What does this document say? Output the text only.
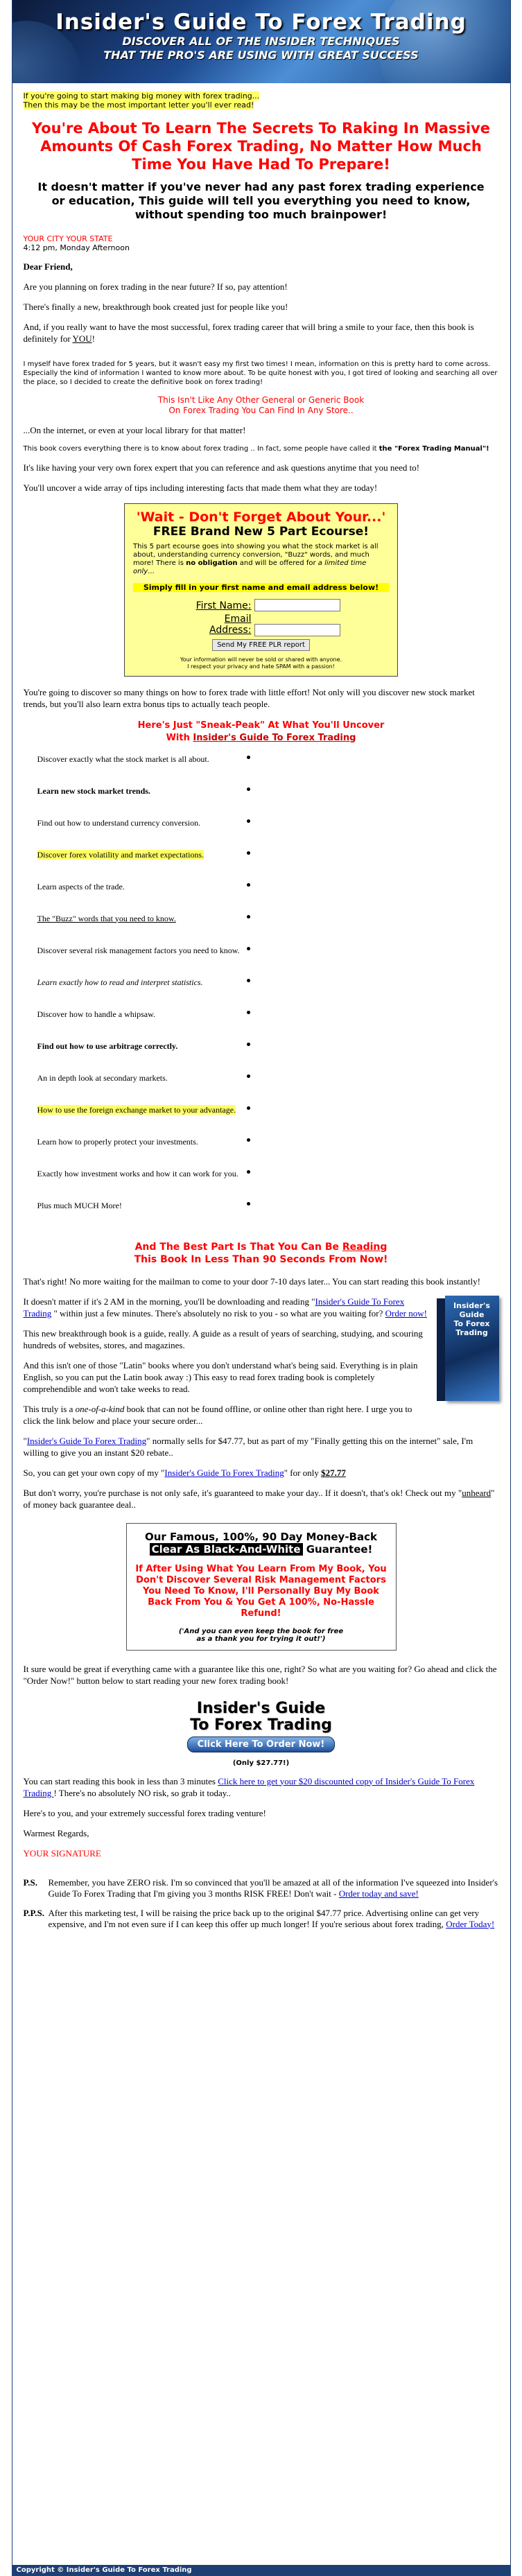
Insider's Guide To Forex Trading
DISCOVER ALL OF THE INSIDER TECHNIQUES
THAT THE PRO'S ARE USING WITH GREAT SUCCESS
If you're going to start making big money with forex trading...
Then this may be the most important letter you'll ever read!
You're About To Learn The Secrets To Raking In Massive Amounts Of Cash Forex Trading, No Matter How Much Time You Have Had To Prepare!
It doesn't matter if you've never had any past forex trading experience or education, This guide will tell you everything you need to know, without spending too much brainpower!
YOUR CITY YOUR STATE
4:12 pm, Monday Afternoon

Dear Friend,

Are you planning on forex trading in the near future? If so, pay attention!

There's finally a new, breakthrough book created just for people like you!

And, if you really want to have the most successful, forex trading career that will bring a smile to your face, then this book is definitely for YOU!

I myself have forex traded for 5 years, but it wasn't easy my first two times! I mean, information on this is pretty hard to come across. Especially the kind of information I wanted to know more about. To be quite honest with you, I got tired of looking and searching all over the place, so I decided to create the definitive book on forex trading!

This Isn't Like Any Other General or Generic Book
On Forex Trading You Can Find In Any Store..

...On the internet, or even at your local library for that matter!

This book covers everything there is to know about forex trading .. In fact, some people have called it the "Forex Trading Manual"!

It's like having your very own forex expert that you can reference and ask questions anytime that you need to!

You'll uncover a wide array of tips including interesting facts that made them what they are today!

'Wait - Don't Forget About Your...'
FREE Brand New 5 Part Ecourse!
This 5 part ecourse goes into showing you what the stock market is all about, understanding currency conversion, "Buzz" words, and much more! There is no obligation and will be offered for a limited time only...
Simply fill in your first name and email address below!
First Name:
Email Address:
Send My FREE PLR report
Your information will never be sold or shared with anyone.
I respect your privacy and hate SPAM with a passion!

You're going to discover so many things on how to forex trade with little effort! Not only will you discover new stock market trends, but you'll also learn extra bonus tips to actually teach people.

Here's Just "Sneak-Peak" At What You'll Uncover
With Insider's Guide To Forex Trading
Discover exactly what the stock market is all about.
Learn new stock market trends.
Find out how to understand currency conversion.
Discover forex volatility and market expectations.
Learn aspects of the trade.
The "Buzz" words that you need to know.
Discover several risk management factors you need to know.
Learn exactly how to read and interpret statistics.
Discover how to handle a whipsaw.
Find out how to use arbitrage correctly.
An in depth look at secondary markets.
How to use the foreign exchange market to your advantage.
Learn how to properly protect your investments.
Exactly how investment works and how it can work for you.
Plus much MUCH More!
And The Best Part Is That You Can Be Reading
This Book In Less Than 90 Seconds From Now!

That's right! No more waiting for the mailman to come to your door 7-10 days later... You can start reading this book instantly!

Insider's Guide
To Forex Trading

It doesn't matter if it's 2 AM in the morning, you'll be downloading and reading "Insider's Guide To Forex Trading " within just a few minutes. There's absolutely no risk to you - so what are you waiting for? Order now!

This new breakthrough book is a guide, really. A guide as a result of years of searching, studying, and scouring hundreds of websites, stores, and magazines.

And this isn't one of those "Latin" books where you don't understand what's being said. Everything is in plain English, so you can put the Latin book away :) This easy to read forex trading book is completely comprehendible and won't take weeks to read.

This truly is a one-of-a-kind book that can not be found offline, or online other than right here. I urge you to click the link below and place your secure order...

"Insider's Guide To Forex Trading" normally sells for $47.77, but as part of my "Finally getting this on the internet" sale, I'm willing to give you an instant $20 rebate..

So, you can get your own copy of my "Insider's Guide To Forex Trading" for only $27.77

But don't worry, you're purchase is not only safe, it's guaranteed to make your day.. If it doesn't, that's ok! Check out my "unheard" of money back guarantee deal..

Our Famous, 100%, 90 Day Money-Back
Clear As Black-And-White Guarantee!
If After Using What You Learn From My Book, You Don't Discover Several Risk Management Factors You Need To Know, I'll Personally Buy My Book Back From You & You Get A 100%, No-Hassle Refund!
('And you can even keep the book for free
as a thank you for trying it out!')

It sure would be great if everything came with a guarantee like this one, right? So what are you waiting for? Go ahead and click the "Order Now!" button below to start reading your new forex trading book!

Insider's Guide
To Forex Trading
Click Here To Order Now!
(Only $27.77!)

You can start reading this book in less than 3 minutes Click here to get your $20 discounted copy of Insider's Guide To Forex Trading ! There's no absolutely NO risk, so grab it today..

Here's to you, and your extremely successful forex trading venture!

Warmest Regards,

YOUR SIGNATURE

P.S.	Remember, you have ZERO risk. I'm so convinced that you'll be amazed at all of the information I've squeezed into Insider's Guide To Forex Trading that I'm giving you 3 months RISK FREE! Don't wait - Order today and save!
P.P.S. After this marketing test, I will be raising the price back up to the original $47.77 price. Advertising online can get very expensive, and I'm not even sure if I can keep this offer up much longer! If you're serious about forex trading, Order Today!
Copyright © Insider's Guide To Forex Trading
